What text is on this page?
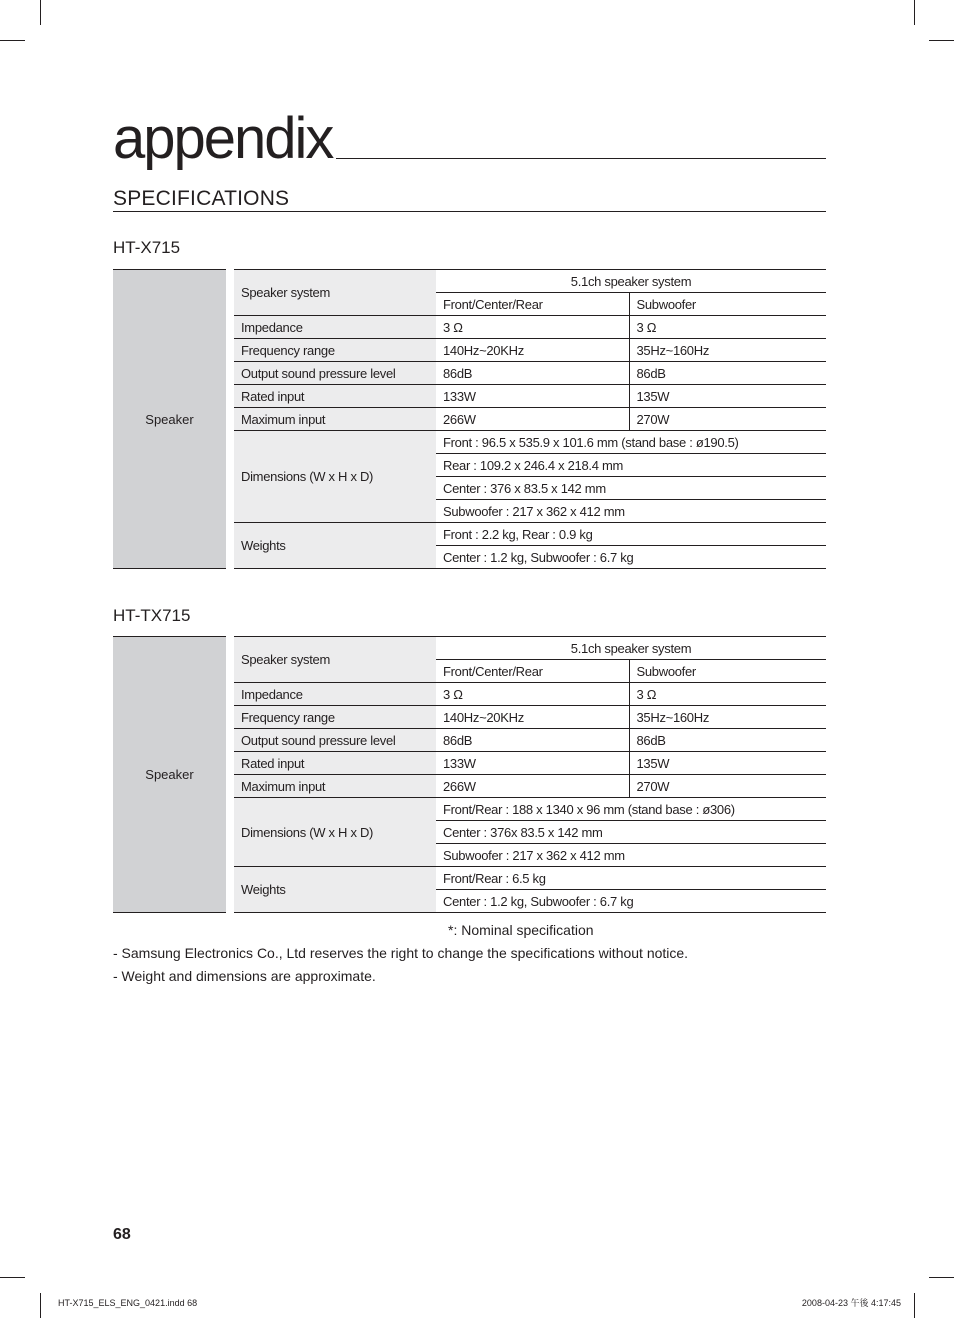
appendix
SPECIFICATIONS
HT-X715
Speaker	Speaker system	5.1ch speaker system	
		Front/Center/Rear	Subwoofer
	Impedance	3 Ω	3 Ω
	Frequency range	140Hz~20KHz	35Hz~160Hz
	Output sound pressure level	86dB	86dB
	Rated input	133W	135W
	Maximum input	266W	270W
	Dimensions (W x H x D)	Front : 96.5 x 535.9 x 101.6 mm (stand base : ø190.5)	
		Rear : 109.2 x 246.4 x 218.4 mm	
		Center : 376 x 83.5 x 142 mm	
		Subwoofer : 217 x 362 x 412 mm	
	Weights	Front : 2.2 kg, Rear : 0.9 kg	
		Center : 1.2 kg, Subwoofer : 6.7 kg	
HT-TX715
Speaker	Speaker system	5.1ch speaker system	
		Front/Center/Rear	Subwoofer
	Impedance	3 Ω	3 Ω
	Frequency range	140Hz~20KHz	35Hz~160Hz
	Output sound pressure level	86dB	86dB
	Rated input	133W	135W
	Maximum input	266W	270W
	Dimensions (W x H x D)	Front/Rear : 188 x 1340 x 96 mm (stand base : ø306)	
		Center : 376x 83.5 x 142 mm	
		Subwoofer : 217 x 362 x 412 mm	
	Weights	Front/Rear : 6.5 kg	
		Center : 1.2 kg, Subwoofer : 6.7 kg	
*: Nominal specification
- Samsung Electronics Co., Ltd reserves the right to change the specifications without notice.
- Weight and dimensions are approximate.
68
HT-X715_ELS_ENG_0421.indd 68	2008-04-23 午後 4:17:45
